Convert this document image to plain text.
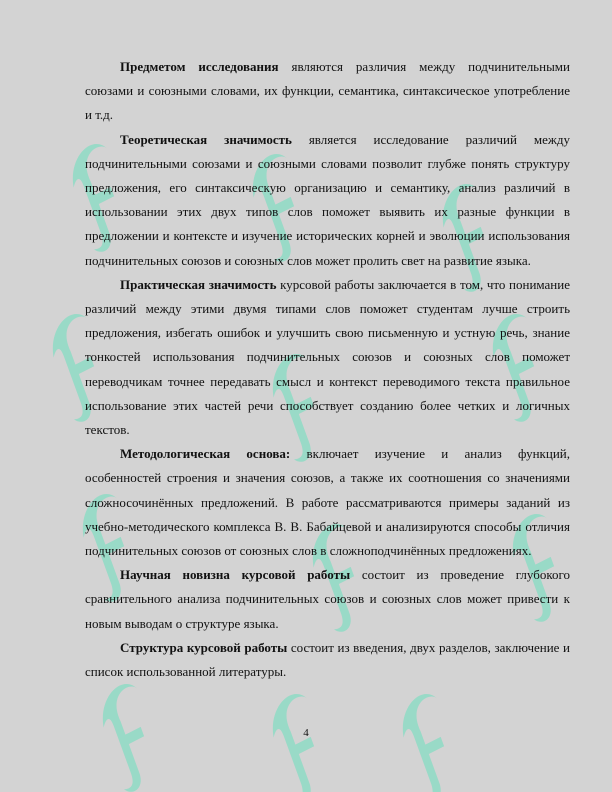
Предметом исследования являются различия между подчинительными союзами и союзными словами, их функции, семантика, синтаксическое употребление и т.д.

Теоретическая значимость является исследование различий между подчинительными союзами и союзными словами позволит глубже понять структуру предложения, его синтаксическую организацию и семантику, анализ различий в использовании этих двух типов слов поможет выявить их разные функции в предложении и контексте и изучение исторических корней и эволюции использования подчинительных союзов и союзных слов может пролить свет на развитие языка.

Практическая значимость курсовой работы заключается в том, что понимание различий между этими двумя типами слов поможет студентам лучше строить предложения, избегать ошибок и улучшить свою письменную и устную речь, знание тонкостей использования подчинительных союзов и союзных слов поможет переводчикам точнее передавать смысл и контекст переводимого текста правильное использование этих частей речи способствует созданию более четких и логичных текстов.

Методологическая основа: включает изучение и анализ функций, особенностей строения и значения союзов, а также их соотношения со значениями сложносочинённых предложений. В работе рассматриваются примеры заданий из учебно-методического комплекса В. В. Бабайцевой и анализируются способы отличия подчинительных союзов от союзных слов в сложноподчинённых предложениях.

Научная новизна курсовой работы состоит из проведение глубокого сравнительного анализа подчинительных союзов и союзных слов может привести к новым выводам о структуре языка.

Структура курсовой работы состоит из введения, двух разделов, заключение и список использованной литературы.

4
